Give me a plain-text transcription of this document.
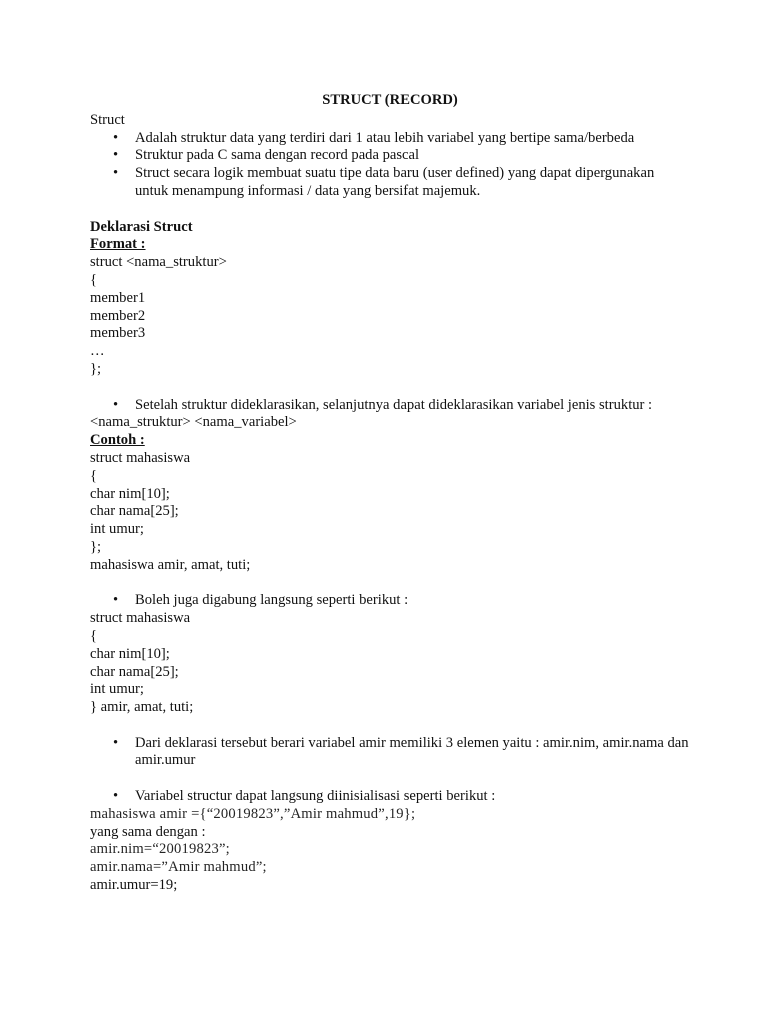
STRUCT (RECORD)

Struct

• Adalah struktur data yang terdiri dari 1 atau lebih variabel yang bertipe sama/berbeda
• Struktur pada C sama dengan record pada pascal
• Struct secara logik membuat suatu tipe data baru (user defined) yang dapat dipergunakan untuk menampung informasi / data yang bersifat majemuk.

Deklarasi Struct

Format :

struct <nama_struktur>

{

member1

member2

member3

…

};

• Setelah struktur dideklarasikan, selanjutnya dapat dideklarasikan variabel jenis struktur :

<nama_struktur> <nama_variabel>

Contoh :

struct mahasiswa

{

char nim[10];

char nama[25];

int umur;

};

mahasiswa amir, amat, tuti;

• Boleh juga digabung langsung seperti berikut :

struct mahasiswa

{

char nim[10];

char nama[25];

int umur;

} amir, amat, tuti;

• Dari deklarasi tersebut berari variabel amir memiliki 3 elemen yaitu : amir.nim, amir.nama dan amir.umur
• Variabel structur dapat langsung diinisialisasi seperti berikut :

mahasiswa amir ={“20019823”,”Amir mahmud”,19};

yang sama dengan :

amir.nim=“20019823”;

amir.nama=”Amir mahmud”;

amir.umur=19;
